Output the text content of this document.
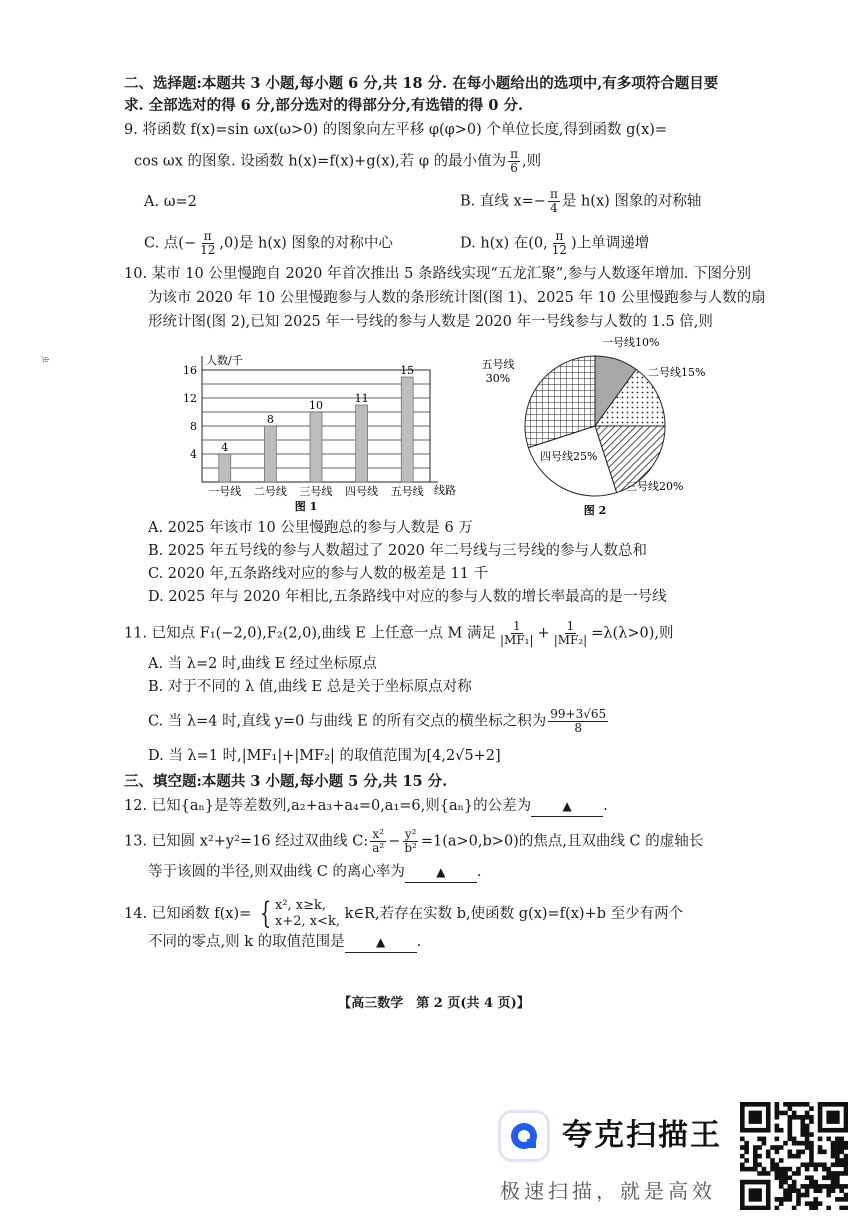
二、选择题:本题共 3 小题,每小题 6 分,共 18 分. 在每小题给出的选项中,有多项符合题目要
求. 全部选对的得 6 分,部分选对的得部分分,有选错的得 0 分.
9. 将函数 f(x)=sin ωx(ω>0) 的图象向左平移 φ(φ>0) 个单位长度,得到函数 g(x)=
cos ωx 的图象. 设函数 h(x)=f(x)+g(x),若 φ 的最小值为 $\frac{\pi}{6}$ ,则
A. ω=2	B. 直线 $x=- \frac{\pi}{4}$ 是 h(x) 图象的对称轴
C. 点(− $\frac{\pi}{12} ,0$)是 h(x) 图象的对称中心	D. h(x) 在(0, $\frac{\pi}{12}$ )上单调递增
10. 某市 10 公里慢跑自 2020 年首次推出 5 条路线实现“五龙汇聚”,参与人数逐年增加. 下图分别
为该市 2020 年 10 公里慢跑参与人数的条形统计图(图 1)、2025 年 10 公里慢跑参与人数的扇
形统计图(图 2),已知 2025 年一号线的参与人数是 2020 年一号线参与人数的 1.5 倍,则
ㄓ
4
8
12
16
人数/千
线路
4
一号线
8
二号线
10
三号线
11
四号线
15
五号线
图 1
一号线10%
二号线15%
三号线20%
四号线25%
五号线
30%
图 2
A. 2025 年该市 10 公里慢跑总的参与人数是 6 万
B. 2025 年五号线的参与人数超过了 2020 年二号线与三号线的参与人数总和
C. 2020 年,五条路线对应的参与人数的极差是 11 千
D. 2025 年与 2020 年相比,五条路线中对应的参与人数的增长率最高的是一号线
11. 已知点 F₁(−2,0),F₂(2,0),曲线 E 上任意一点 M 满足 $\frac{1}{\text{|MF₁|}} + \frac{1}{\text{|MF₂|}} =\lambda(\lambda>0)$,则
A. 当 λ=2 时,曲线 E 经过坐标原点
B. 对于不同的 λ 值,曲线 E 总是关于坐标原点对称
C. 当 λ=4 时,直线 y=0 与曲线 E 的所有交点的横坐标之积为 $\frac{99+3√65}{8}$
D. 当 λ=1 时,|MF₁|+|MF₂| 的取值范围为[4,2√5+2]
三、填空题:本题共 3 小题,每小题 5 分,共 15 分.
12. 已知{aₙ}是等差数列,a₂+a₃+a₄=0,a₁=6,则{aₙ}的公差为	▲ .
13. 已知圆 x²+y²=16 经过双曲线 C: $\frac{\text{x²}}{\text{a²}} - \frac{\text{y²}}{\text{b²}} =1(a>0,b>0)$的焦点,且双曲线 C 的虚轴长
等于该圆的半径,则双曲线 C 的离心率为	▲ .
14. 已知函数 f(x)= { x², x≥k,
x+2, x<k, k∈R,若存在实数 b,使函数 g(x)=f(x)+b 至少有两个
不同的零点,则 k 的取值范围是	▲ .
【高三数学　第 2 页(共 4 页)】
夸克扫描王
极速扫描，就是高效
